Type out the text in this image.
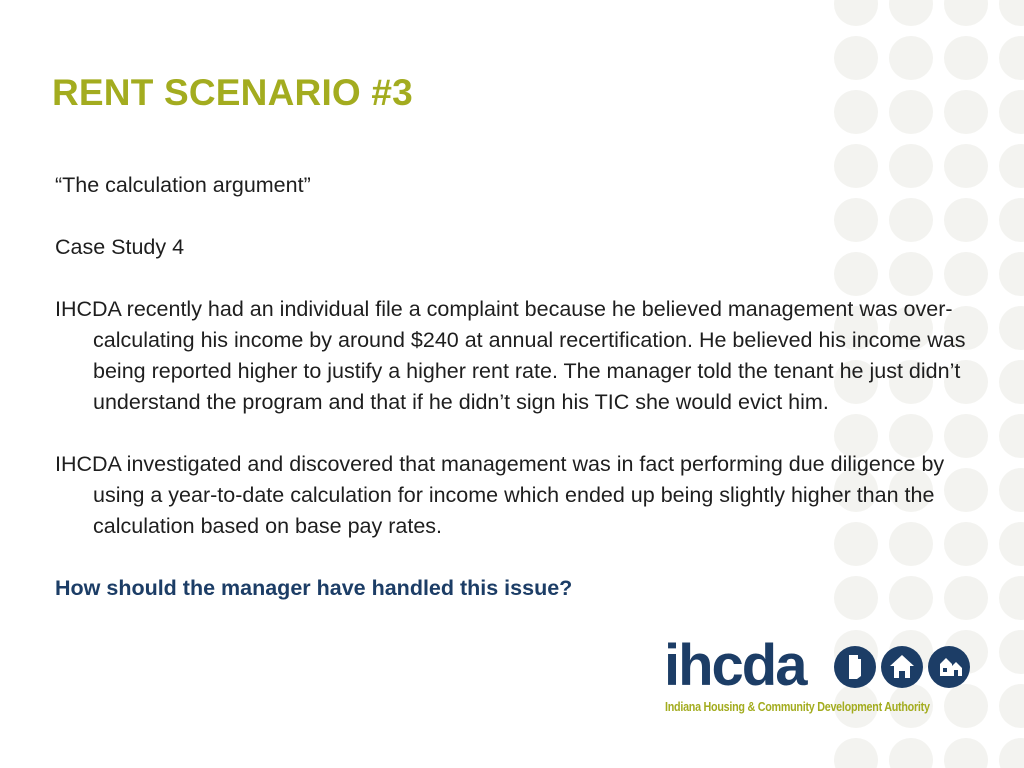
RENT SCENARIO #3

“The calculation argument”

Case Study 4

IHCDA recently had an individual file a complaint because he believed management was over-calculating his income by around $240 at annual recertification. He believed his income was being reported higher to justify a higher rent rate. The manager told the tenant he just didn’t understand the program and that if he didn’t sign his TIC she would evict him.

IHCDA investigated and discovered that management was in fact performing due diligence by using a year-to-date calculation for income which ended up being slightly higher than the calculation based on base pay rates.

How should the manager have handled this issue?

ihcda
Indiana Housing & Community Development Authority
